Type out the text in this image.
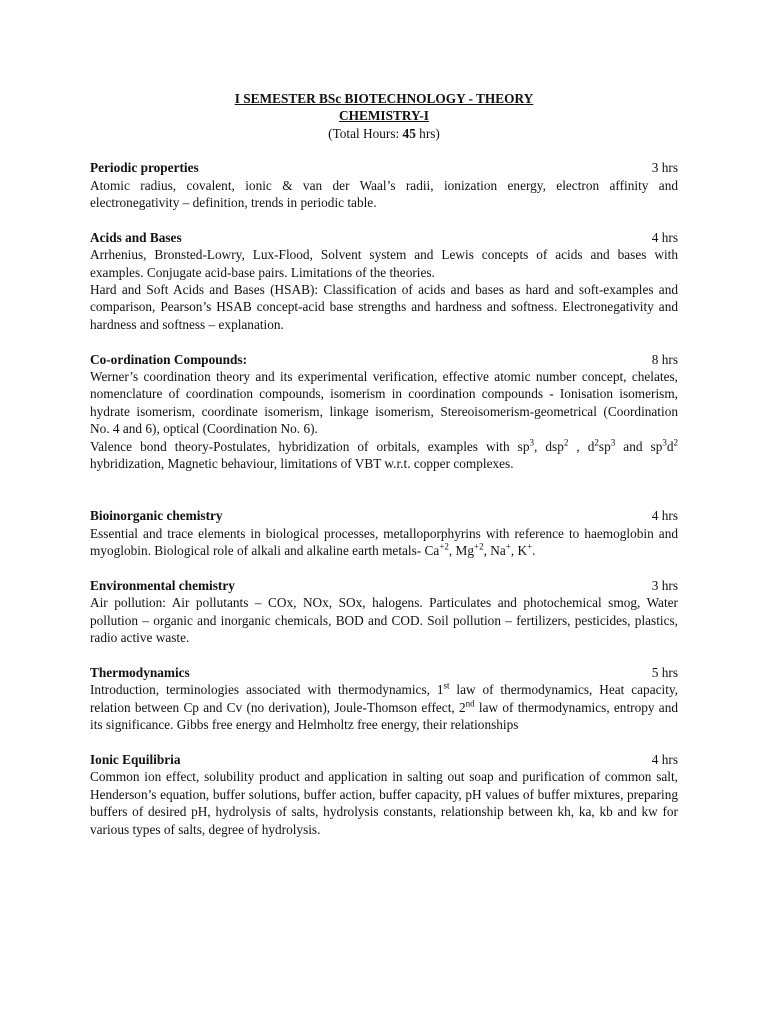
I SEMESTER BSc BIOTECHNOLOGY - THEORY
CHEMISTRY-I
(Total Hours: 45 hrs)
Periodic properties	3 hrs
Atomic radius, covalent, ionic & van der Waal’s radii, ionization energy, electron affinity and electronegativity – definition, trends in periodic table.
Acids and Bases	4 hrs
Arrhenius, Bronsted-Lowry, Lux-Flood, Solvent system and Lewis concepts of acids and bases with examples. Conjugate acid-base pairs. Limitations of the theories.
Hard and Soft Acids and Bases (HSAB): Classification of acids and bases as hard and soft-examples and comparison, Pearson’s HSAB concept-acid base strengths and hardness and softness. Electronegativity and hardness and softness – explanation.
Co-ordination Compounds:	8 hrs
Werner’s coordination theory and its experimental verification, effective atomic number concept, chelates, nomenclature of coordination compounds, isomerism in coordination compounds - Ionisation isomerism, hydrate isomerism, coordinate isomerism, linkage isomerism, Stereoisomerism-geometrical (Coordination No. 4 and 6), optical (Coordination No. 6).
Valence bond theory-Postulates, hybridization of orbitals, examples with $sp^3$, dsp$^2$ , $d^2sp^3$ and $sp^3d^2$ hybridization, Magnetic behaviour, limitations of VBT w.r.t. copper complexes.
Bioinorganic chemistry	4 hrs
Essential and trace elements in biological processes, metalloporphyrins with reference to haemoglobin and myoglobin. Biological role of alkali and alkaline earth metals- $Ca^{+2}$, $Mg^{+2}$, Na+, K+.
Environmental chemistry	3 hrs
Air pollution: Air pollutants – COx, NOx, SOx, halogens. Particulates and photochemical smog, Water pollution – organic and inorganic chemicals, BOD and COD. Soil pollution – fertilizers, pesticides, plastics, radio active waste.
Thermodynamics	5 hrs
Introduction, terminologies associated with thermodynamics, 1st law of thermodynamics, Heat capacity, relation between Cp and Cv (no derivation), Joule-Thomson effect, 2nd law of thermodynamics, entropy and its significance. Gibbs free energy and Helmholtz free energy, their relationships
Ionic Equilibria	4 hrs
Common ion effect, solubility product and application in salting out soap and purification of common salt, Henderson’s equation, buffer solutions, buffer action, buffer capacity, pH values of buffer mixtures, preparing buffers of desired pH, hydrolysis of salts, hydrolysis constants, relationship between kh, ka, kb and kw for various types of salts, degree of hydrolysis.
